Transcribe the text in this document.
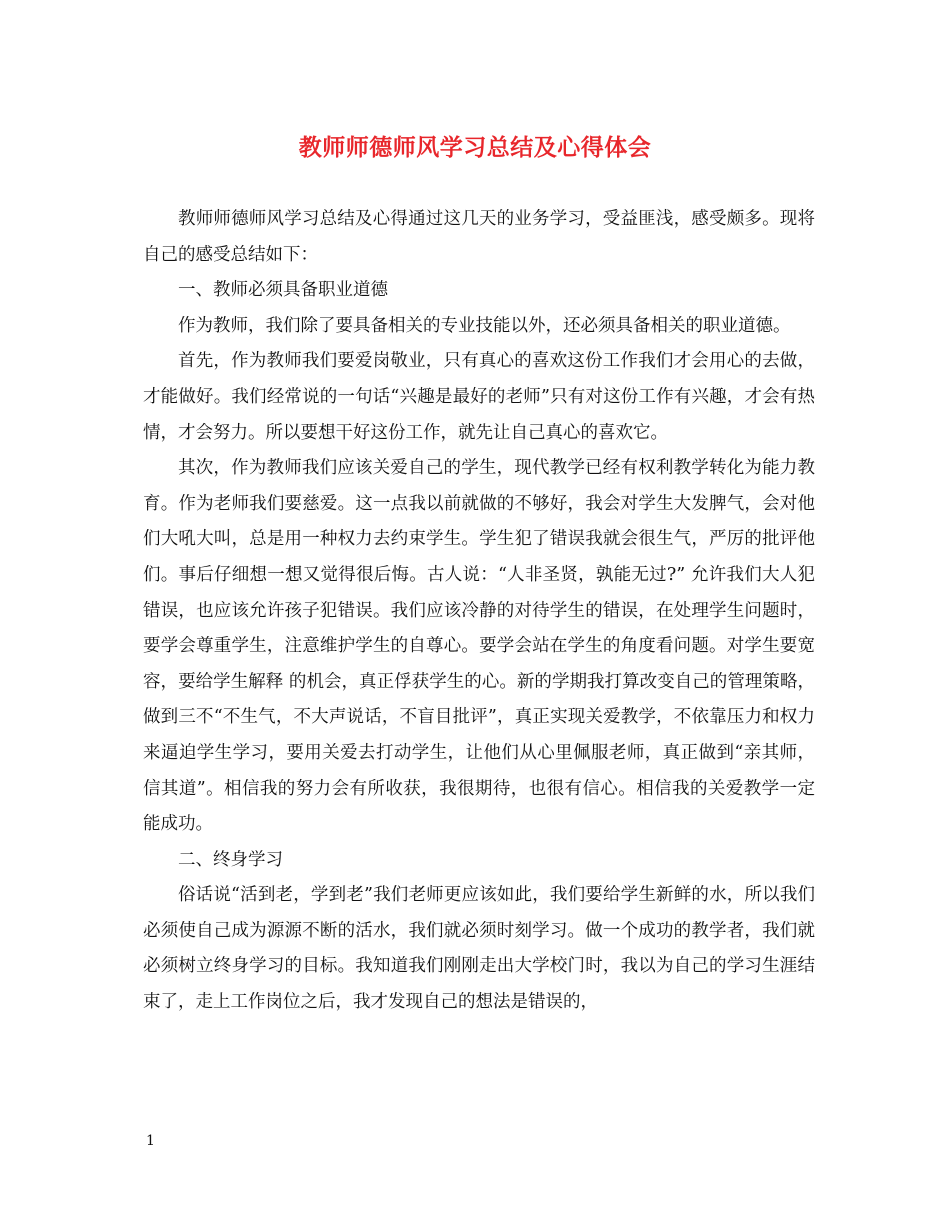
教师师德师风学习总结及心得体会

教师师德师风学习总结及心得通过这几天的业务学习，受益匪浅，感受颇多。现将自己的感受总结如下：

一、教师必须具备职业道德

作为教师，我们除了要具备相关的专业技能以外，还必须具备相关的职业道德。

首先，作为教师我们要爱岗敬业，只有真心的喜欢这份工作我们才会用心的去做，才能做好。我们经常说的一句话“兴趣是最好的老师”只有对这份工作有兴趣，才会有热情，才会努力。所以要想干好这份工作，就先让自己真心的喜欢它。

其次，作为教师我们应该关爱自己的学生，现代教学已经有权利教学转化为能力教育。作为老师我们要慈爱。这一点我以前就做的不够好，我会对学生大发脾气，会对他们大吼大叫，总是用一种权力去约束学生。学生犯了错误我就会很生气，严厉的批评他们。事后仔细想一想又觉得很后悔。古人说：“人非圣贤，孰能无过?” 允许我们大人犯错误，也应该允许孩子犯错误。我们应该冷静的对待学生的错误，在处理学生问题时，要学会尊重学生，注意维护学生的自尊心。要学会站在学生的角度看问题。对学生要宽容，要给学生解释 的机会，真正俘获学生的心。新的学期我打算改变自己的管理策略，做到三不“不生气，不大声说话，不盲目批评”，真正实现关爱教学，不依靠压力和权力来逼迫学生学习，要用关爱去打动学生，让他们从心里佩服老师，真正做到“亲其师，信其道”。相信我的努力会有所收获，我很期待，也很有信心。相信我的关爱教学一定能成功。

二、终身学习

俗话说“活到老，学到老”我们老师更应该如此，我们要给学生新鲜的水，所以我们必须使自己成为源源不断的活水，我们就必须时刻学习。做一个成功的教学者，我们就必须树立终身学习的目标。我知道我们刚刚走出大学校门时，我以为自己的学习生涯结束了，走上工作岗位之后，我才发现自己的想法是错误的，

1
